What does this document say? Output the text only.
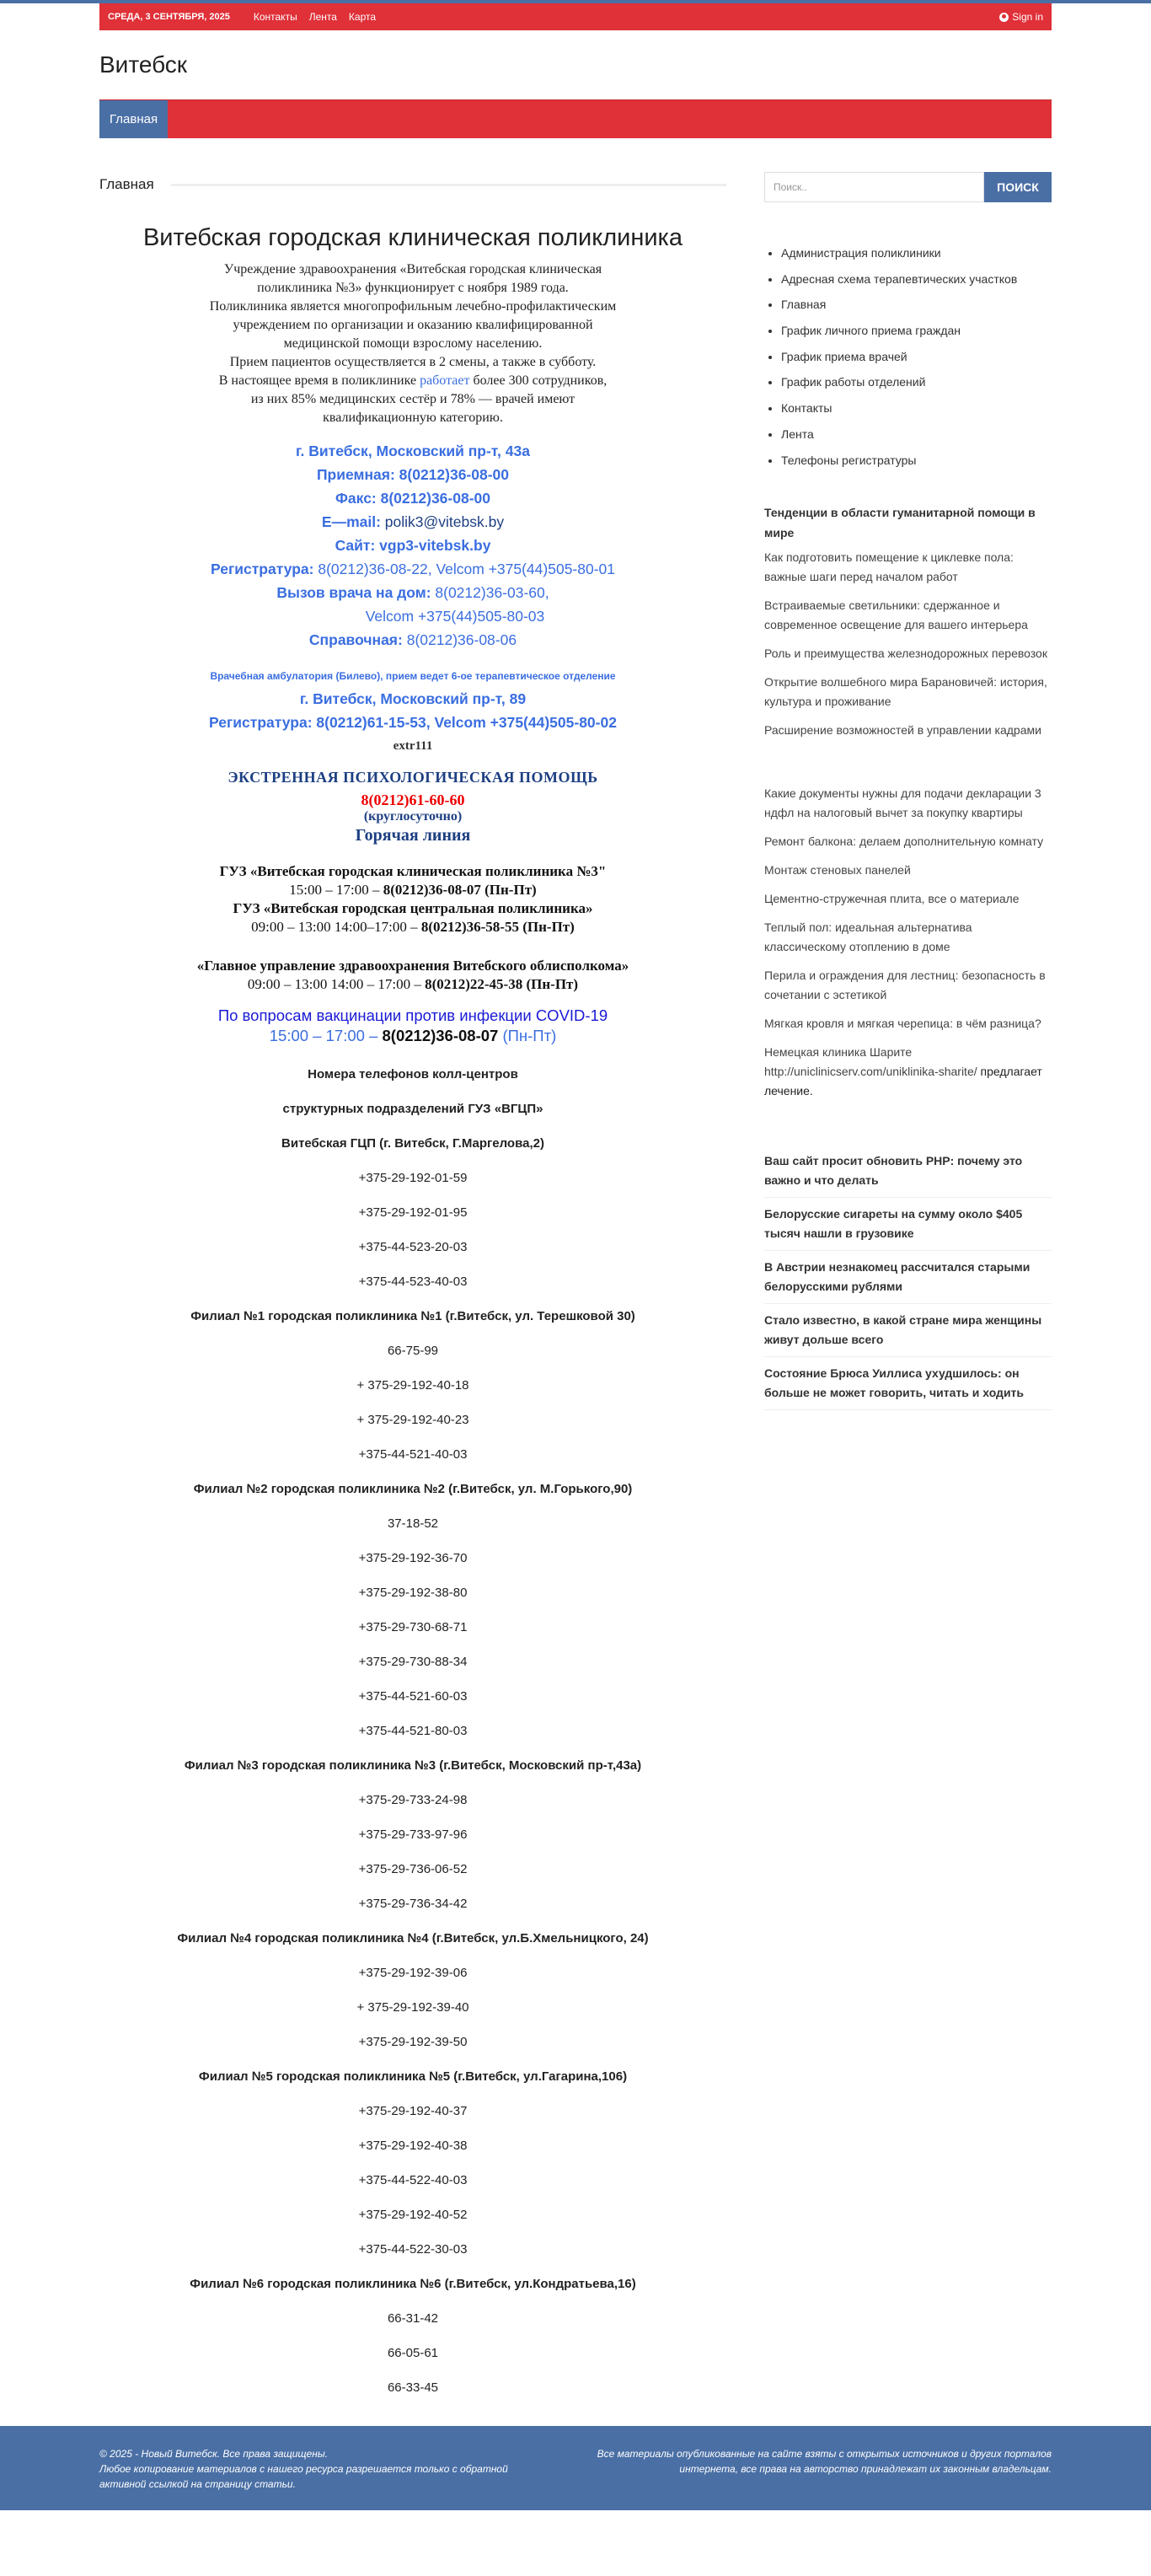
СРЕДА, 3 СЕНТЯБРЯ, 2025 Контакты Лента Карта	Sign in
Витебск
Главная
Главная
Витебская городская клиническая поликлиника
Учреждение здравоохранения «Витебская городская клиническая
поликлиника №3» функционирует с ноября 1989 года.
Поликлиника является многопрофильным лечебно-профилактическим
учреждением по организации и оказанию квалифицированной
медицинской помощи взрослому населению.
Прием пациентов осуществляется в 2 смены, а также в субботу.
В настоящее время в поликлинике работает более 300 сотрудников,
из них 85% медицинских сестёр и 78% — врачей имеют
квалификационную категорию.

г. Витебск, Московский пр-т, 43а

Приемная: 8(0212)36-08-00

Факс: 8(0212)36-08-00

E—mail: polik3@vitebsk.by

Сайт: vgp3-vitebsk.by

Регистратура: 8(0212)36-08-22, Velcom +375(44)505-80-01

Вызов врача на дом: 8(0212)36-03-60,

Velcom +375(44)505-80-03

Справочная: 8(0212)36-08-06

Врачебная амбулатория (Билево), прием ведет 6-ое терапевтическое отделение

г. Витебск, Московский пр-т, 89

Регистратура: 8(0212)61-15-53, Velcom +375(44)505-80-02

extr111
ЭКСТРЕННАЯ ПСИХОЛОГИЧЕСКАЯ ПОМОЩЬ
8(0212)61-60-60
(круглосуточно)
Горячая линия
ГУЗ «Витебская городская клиническая поликлиника №3"
15:00 – 17:00 – 8(0212)36-08-07 (Пн-Пт)
ГУЗ «Витебская городская центральная поликлиника»
09:00 – 13:00 14:00–17:00 – 8(0212)36-58-55 (Пн-Пт)
«Главное управление здравоохранения Витебского облисполкома»
09:00 – 13:00 14:00 – 17:00 – 8(0212)22-45-38 (Пн-Пт)
По вопросам вакцинации против инфекции COVID-19
15:00 – 17:00 – 8(0212)36-08-07 (Пн-Пт)

Номера телефонов колл-центров

структурных подразделений ГУЗ «ВГЦП»

Витебская ГЦП (г. Витебск, Г.Маргелова,2)

+375-29-192-01-59

+375-29-192-01-95

+375-44-523-20-03

+375-44-523-40-03

Филиал №1 городская поликлиника №1 (г.Витебск, ул. Терешковой 30)

66-75-99

+ 375-29-192-40-18

+ 375-29-192-40-23

+375-44-521-40-03

Филиал №2 городская поликлиника №2 (г.Витебск, ул. М.Горького,90)

37-18-52

+375-29-192-36-70

+375-29-192-38-80

+375-29-730-68-71

+375-29-730-88-34

+375-44-521-60-03

+375-44-521-80-03

Филиал №3 городская поликлиника №3 (г.Витебск, Московский пр-т,43а)

+375-29-733-24-98

+375-29-733-97-96

+375-29-736-06-52

+375-29-736-34-42

Филиал №4 городская поликлиника №4 (г.Витебск, ул.Б.Хмельницкого, 24)

+375-29-192-39-06

+ 375-29-192-39-40

+375-29-192-39-50

Филиал №5 городская поликлиника №5 (г.Витебск, ул.Гагарина,106)

+375-29-192-40-37

+375-29-192-40-38

+375-44-522-40-03

+375-29-192-40-52

+375-44-522-30-03

Филиал №6 городская поликлиника №6 (г.Витебск, ул.Кондратьева,16)

66-31-42

66-05-61

66-33-45

Поиск..	ПОИСК
• Администрация поликлиники
• Адресная схема терапевтических участков
• Главная
• График личного приема граждан
• График приема врачей
• График работы отделений
• Контакты
• Лента
• Телефоны регистратуры
Тенденции в области гуманитарной помощи в мире
Как подготовить помещение к циклевке пола: важные шаги перед началом работ
Встраиваемые светильники: сдержанное и современное освещение для вашего интерьера
Роль и преимущества железнодорожных перевозок
Открытие волшебного мира Барановичей: история, культура и проживание
Расширение возможностей в управлении кадрами
Какие документы нужны для подачи декларации 3 ндфл на налоговый вычет за покупку квартиры
Ремонт балкона: делаем дополнительную комнату
Монтаж стеновых панелей
Цементно-стружечная плита, все о материале
Теплый пол: идеальная альтернатива классическому отоплению в доме
Перила и ограждения для лестниц: безопасность в сочетании с эстетикой
Мягкая кровля и мягкая черепица: в чём разница?
Немецкая клиника Шарите http://uniclinicserv.com/uniklinika-sharite/ предлагает лечение.
Ваш сайт просит обновить PHP: почему это важно и что делать
Белорусские сигареты на сумму около $405 тысяч нашли в грузовике
В Австрии незнакомец рассчитался старыми белорусскими рублями
Стало известно, в какой стране мира женщины живут дольше всего
Состояние Брюса Уиллиса ухудшилось: он больше не может говорить, читать и ходить
© 2025 - Новый Витебск. Все права защищены.
Любое копирование материалов с нашего ресурса разрешается только с обратной активной ссылкой на страницу статьи.
Все материалы опубликованные на сайте взяты с открытых источников и других порталов интернета, все права на авторство принадлежат их законным владельцам.
